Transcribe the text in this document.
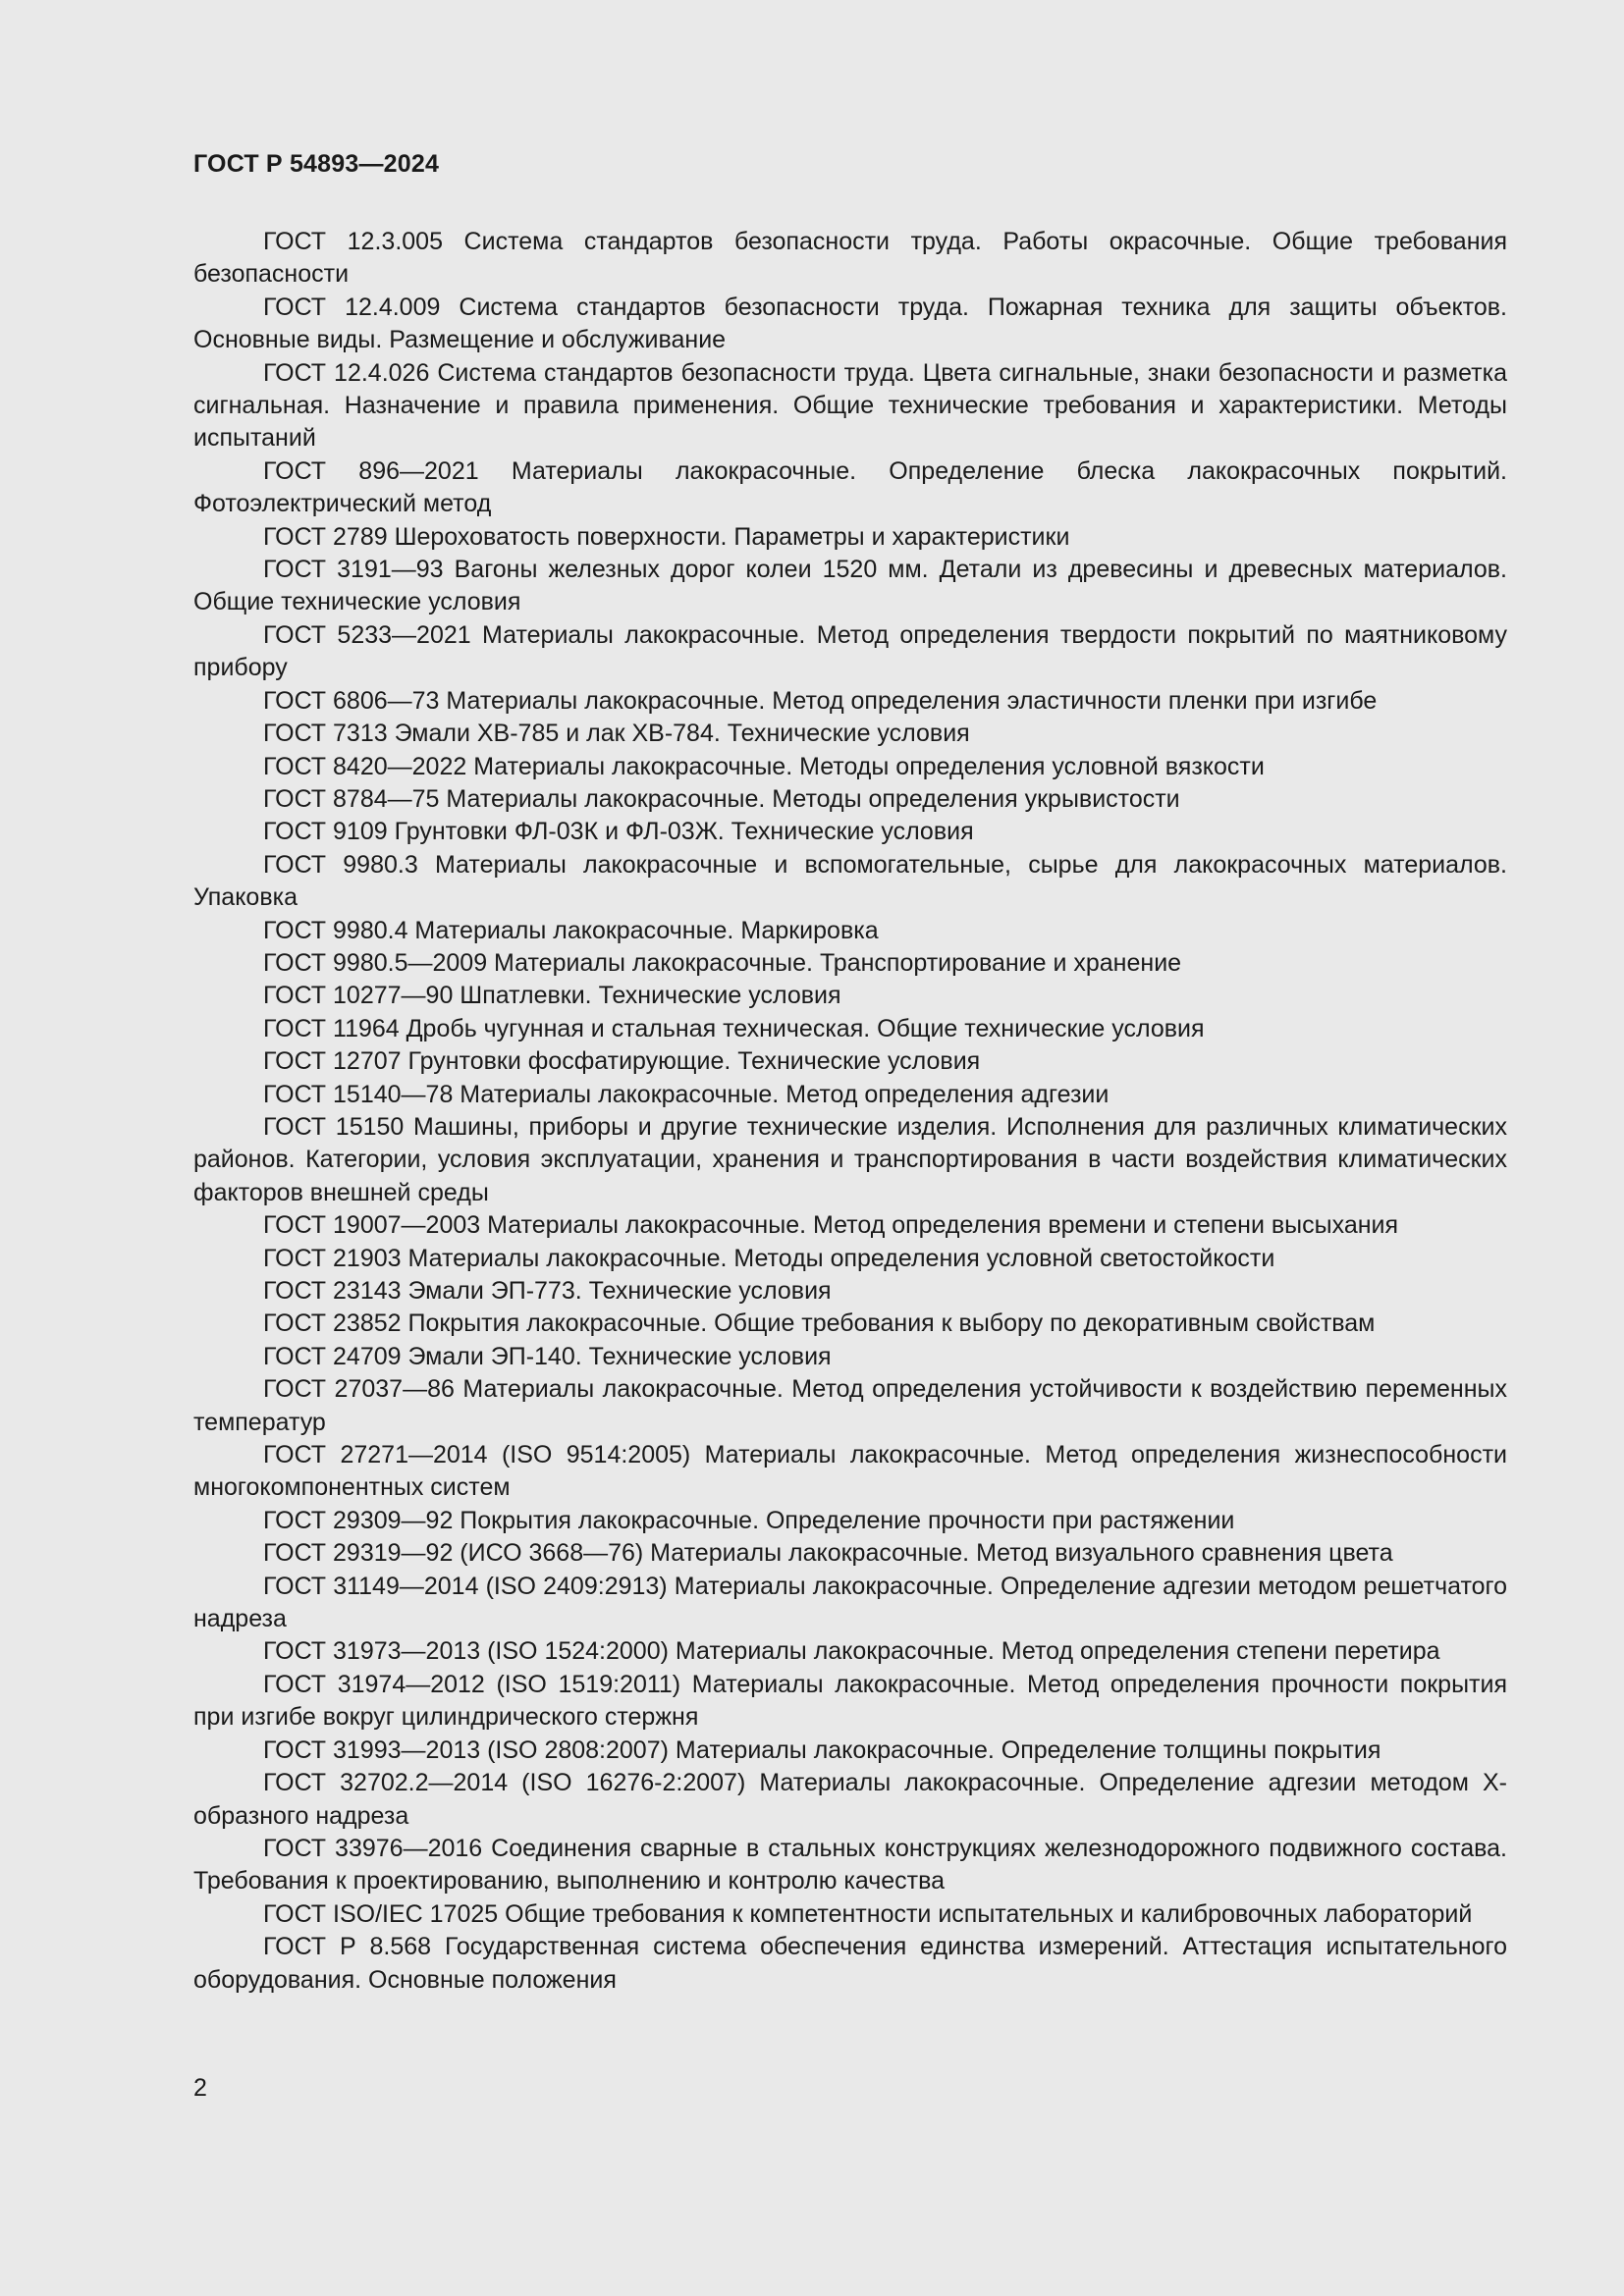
ГОСТ Р 54893—2024

ГОСТ 12.3.005 Система стандартов безопасности труда. Работы окрасочные. Общие требования безопасности

ГОСТ 12.4.009 Система стандартов безопасности труда. Пожарная техника для защиты объектов. Основные виды. Размещение и обслуживание

ГОСТ 12.4.026 Система стандартов безопасности труда. Цвета сигнальные, знаки безопасности и разметка сигнальная. Назначение и правила применения. Общие технические требования и характеристики. Методы испытаний

ГОСТ 896—2021 Материалы лакокрасочные. Определение блеска лакокрасочных покрытий. Фотоэлектрический метод

ГОСТ 2789 Шероховатость поверхности. Параметры и характеристики

ГОСТ 3191—93 Вагоны железных дорог колеи 1520 мм. Детали из древесины и древесных материалов. Общие технические условия

ГОСТ 5233—2021 Материалы лакокрасочные. Метод определения твердости покрытий по маятниковому прибору

ГОСТ 6806—73 Материалы лакокрасочные. Метод определения эластичности пленки при изгибе

ГОСТ 7313 Эмали ХВ-785 и лак ХВ-784. Технические условия

ГОСТ 8420—2022 Материалы лакокрасочные. Методы определения условной вязкости

ГОСТ 8784—75 Материалы лакокрасочные. Методы определения укрывистости

ГОСТ 9109 Грунтовки ФЛ-03К и ФЛ-03Ж. Технические условия

ГОСТ 9980.3 Материалы лакокрасочные и вспомогательные, сырье для лакокрасочных материалов. Упаковка

ГОСТ 9980.4 Материалы лакокрасочные. Маркировка

ГОСТ 9980.5—2009 Материалы лакокрасочные. Транспортирование и хранение

ГОСТ 10277—90 Шпатлевки. Технические условия

ГОСТ 11964 Дробь чугунная и стальная техническая. Общие технические условия

ГОСТ 12707 Грунтовки фосфатирующие. Технические условия

ГОСТ 15140—78 Материалы лакокрасочные. Метод определения адгезии

ГОСТ 15150 Машины, приборы и другие технические изделия. Исполнения для различных климатических районов. Категории, условия эксплуатации, хранения и транспортирования в части воздействия климатических факторов внешней среды

ГОСТ 19007—2003 Материалы лакокрасочные. Метод определения времени и степени высыхания

ГОСТ 21903 Материалы лакокрасочные. Методы определения условной светостойкости

ГОСТ 23143 Эмали ЭП-773. Технические условия

ГОСТ 23852 Покрытия лакокрасочные. Общие требования к выбору по декоративным свойствам

ГОСТ 24709 Эмали ЭП-140. Технические условия

ГОСТ 27037—86 Материалы лакокрасочные. Метод определения устойчивости к воздействию переменных температур

ГОСТ 27271—2014 (ISO 9514:2005) Материалы лакокрасочные. Метод определения жизнеспособности многокомпонентных систем

ГОСТ 29309—92 Покрытия лакокрасочные. Определение прочности при растяжении

ГОСТ 29319—92 (ИСО 3668—76) Материалы лакокрасочные. Метод визуального сравнения цвета

ГОСТ 31149—2014 (ISO 2409:2913) Материалы лакокрасочные. Определение адгезии методом решетчатого надреза

ГОСТ 31973—2013 (ISO 1524:2000) Материалы лакокрасочные. Метод определения степени перетира

ГОСТ 31974—2012 (ISO 1519:2011) Материалы лакокрасочные. Метод определения прочности покрытия при изгибе вокруг цилиндрического стержня

ГОСТ 31993—2013 (ISO 2808:2007) Материалы лакокрасочные. Определение толщины покрытия

ГОСТ 32702.2—2014 (ISO 16276-2:2007) Материалы лакокрасочные. Определение адгезии методом Х-образного надреза

ГОСТ 33976—2016 Соединения сварные в стальных конструкциях железнодорожного подвижного состава. Требования к проектированию, выполнению и контролю качества

ГОСТ ISO/IEC 17025 Общие требования к компетентности испытательных и калибровочных лабораторий

ГОСТ Р 8.568 Государственная система обеспечения единства измерений. Аттестация испытательного оборудования. Основные положения

2
